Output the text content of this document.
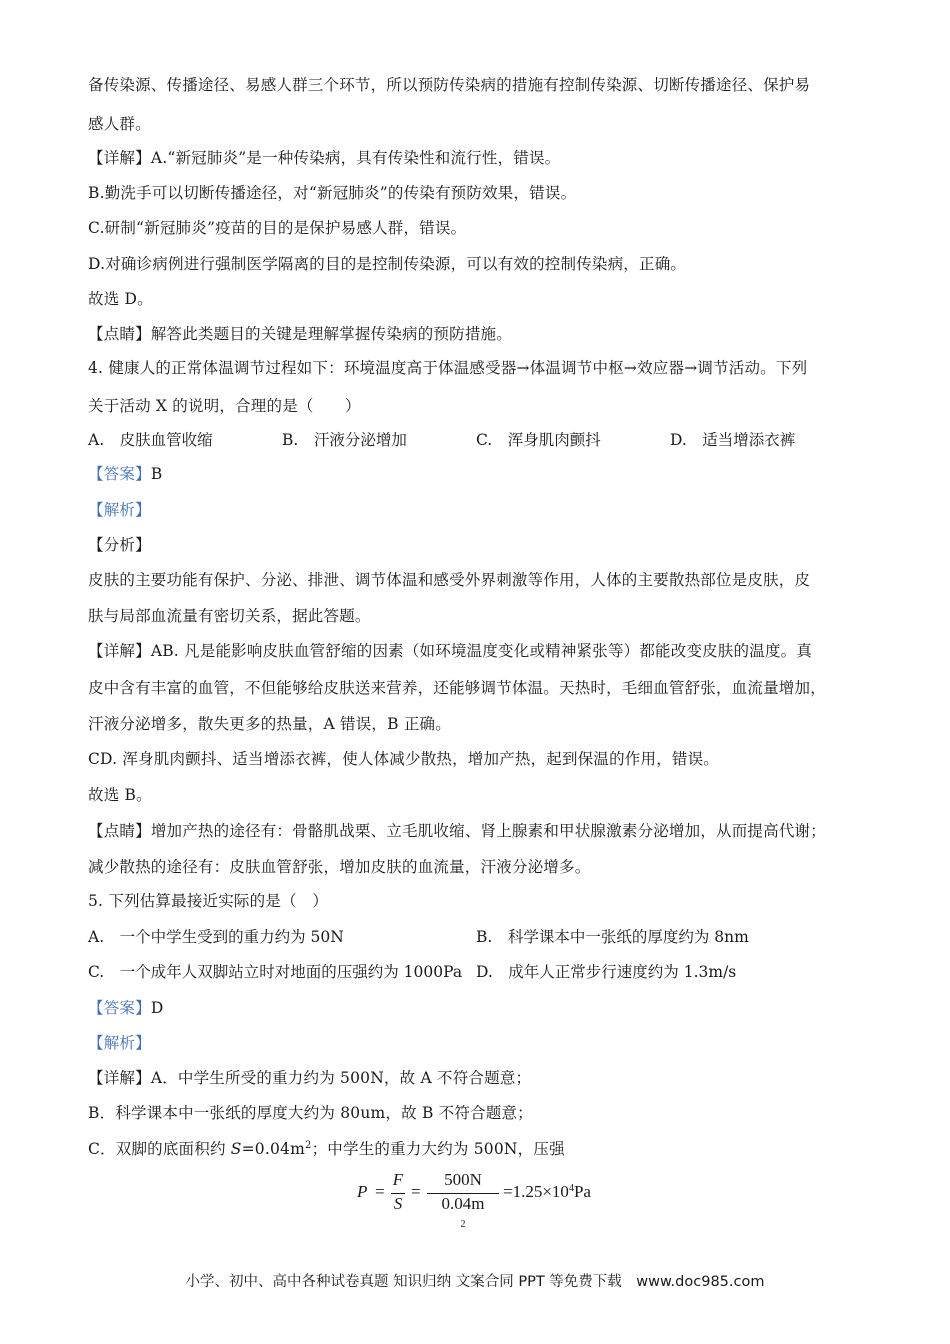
备传染源、传播途径、易感人群三个环节，所以预防传染病的措施有控制传染源、切断传播途径、保护易
感人群。
【详解】A.“新冠肺炎”是一种传染病，具有传染性和流行性，错误。
B.勤洗手可以切断传播途径，对“新冠肺炎”的传染有预防效果，错误。
C.研制“新冠肺炎”疫苗的目的是保护易感人群，错误。
D.对确诊病例进行强制医学隔离的目的是控制传染源，可以有效的控制传染病，正确。
故选 D。
【点睛】解答此类题目的关键是理解掌握传染病的预防措施。
4. 健康人的正常体温调节过程如下：环境温度高于体温感受器→体温调节中枢→效应器→调节活动。下列
关于活动 X 的说明，合理的是（　　）
A.　皮肤血管收缩	B.　汗液分泌增加	C.　浑身肌肉颤抖	D.　适当增添衣裤
【答案】B
【解析】
【分析】
皮肤的主要功能有保护、分泌、排泄、调节体温和感受外界刺激等作用，人体的主要散热部位是皮肤，皮
肤与局部血流量有密切关系，据此答题。
【详解】AB. 凡是能影响皮肤血管舒缩的因素（如环境温度变化或精神紧张等）都能改变皮肤的温度。真
皮中含有丰富的血管，不但能够给皮肤送来营养，还能够调节体温。天热时，毛细血管舒张，血流量增加，
汗液分泌增多，散失更多的热量，A 错误，B 正确。
CD. 浑身肌肉颤抖、适当增添衣裤，使人体减少散热，增加产热，起到保温的作用，错误。
故选 B。
【点睛】增加产热的途径有：骨骼肌战栗、立毛肌收缩、肾上腺素和甲状腺激素分泌增加，从而提高代谢；
减少散热的途径有：皮肤血管舒张，增加皮肤的血流量，汗液分泌增多。
5. 下列估算最接近实际的是（　）
A.　一个中学生受到的重力约为 50N	B.　科学课本中一张纸的厚度约为 8nm
C.　一个成年人双脚站立时对地面的压强约为 1000Pa D.　成年人正常步行速度约为 1.3m/s
【答案】D
【解析】
【详解】A．中学生所受的重力约为 500N，故 A 不符合题意；
B．科学课本中一张纸的厚度大约为 80um，故 B 不符合题意；
C．双脚的底面积约 $S=0.04m^2$；中学生的重力大约为 500N，压强
P =
F
S
=
500N
0.04m
$^2$
$=1.25\times 10^4Pa$
小学、初中、高中各种试卷真题 知识归纳 文案合同 PPT 等免费下载　www.doc985.com
